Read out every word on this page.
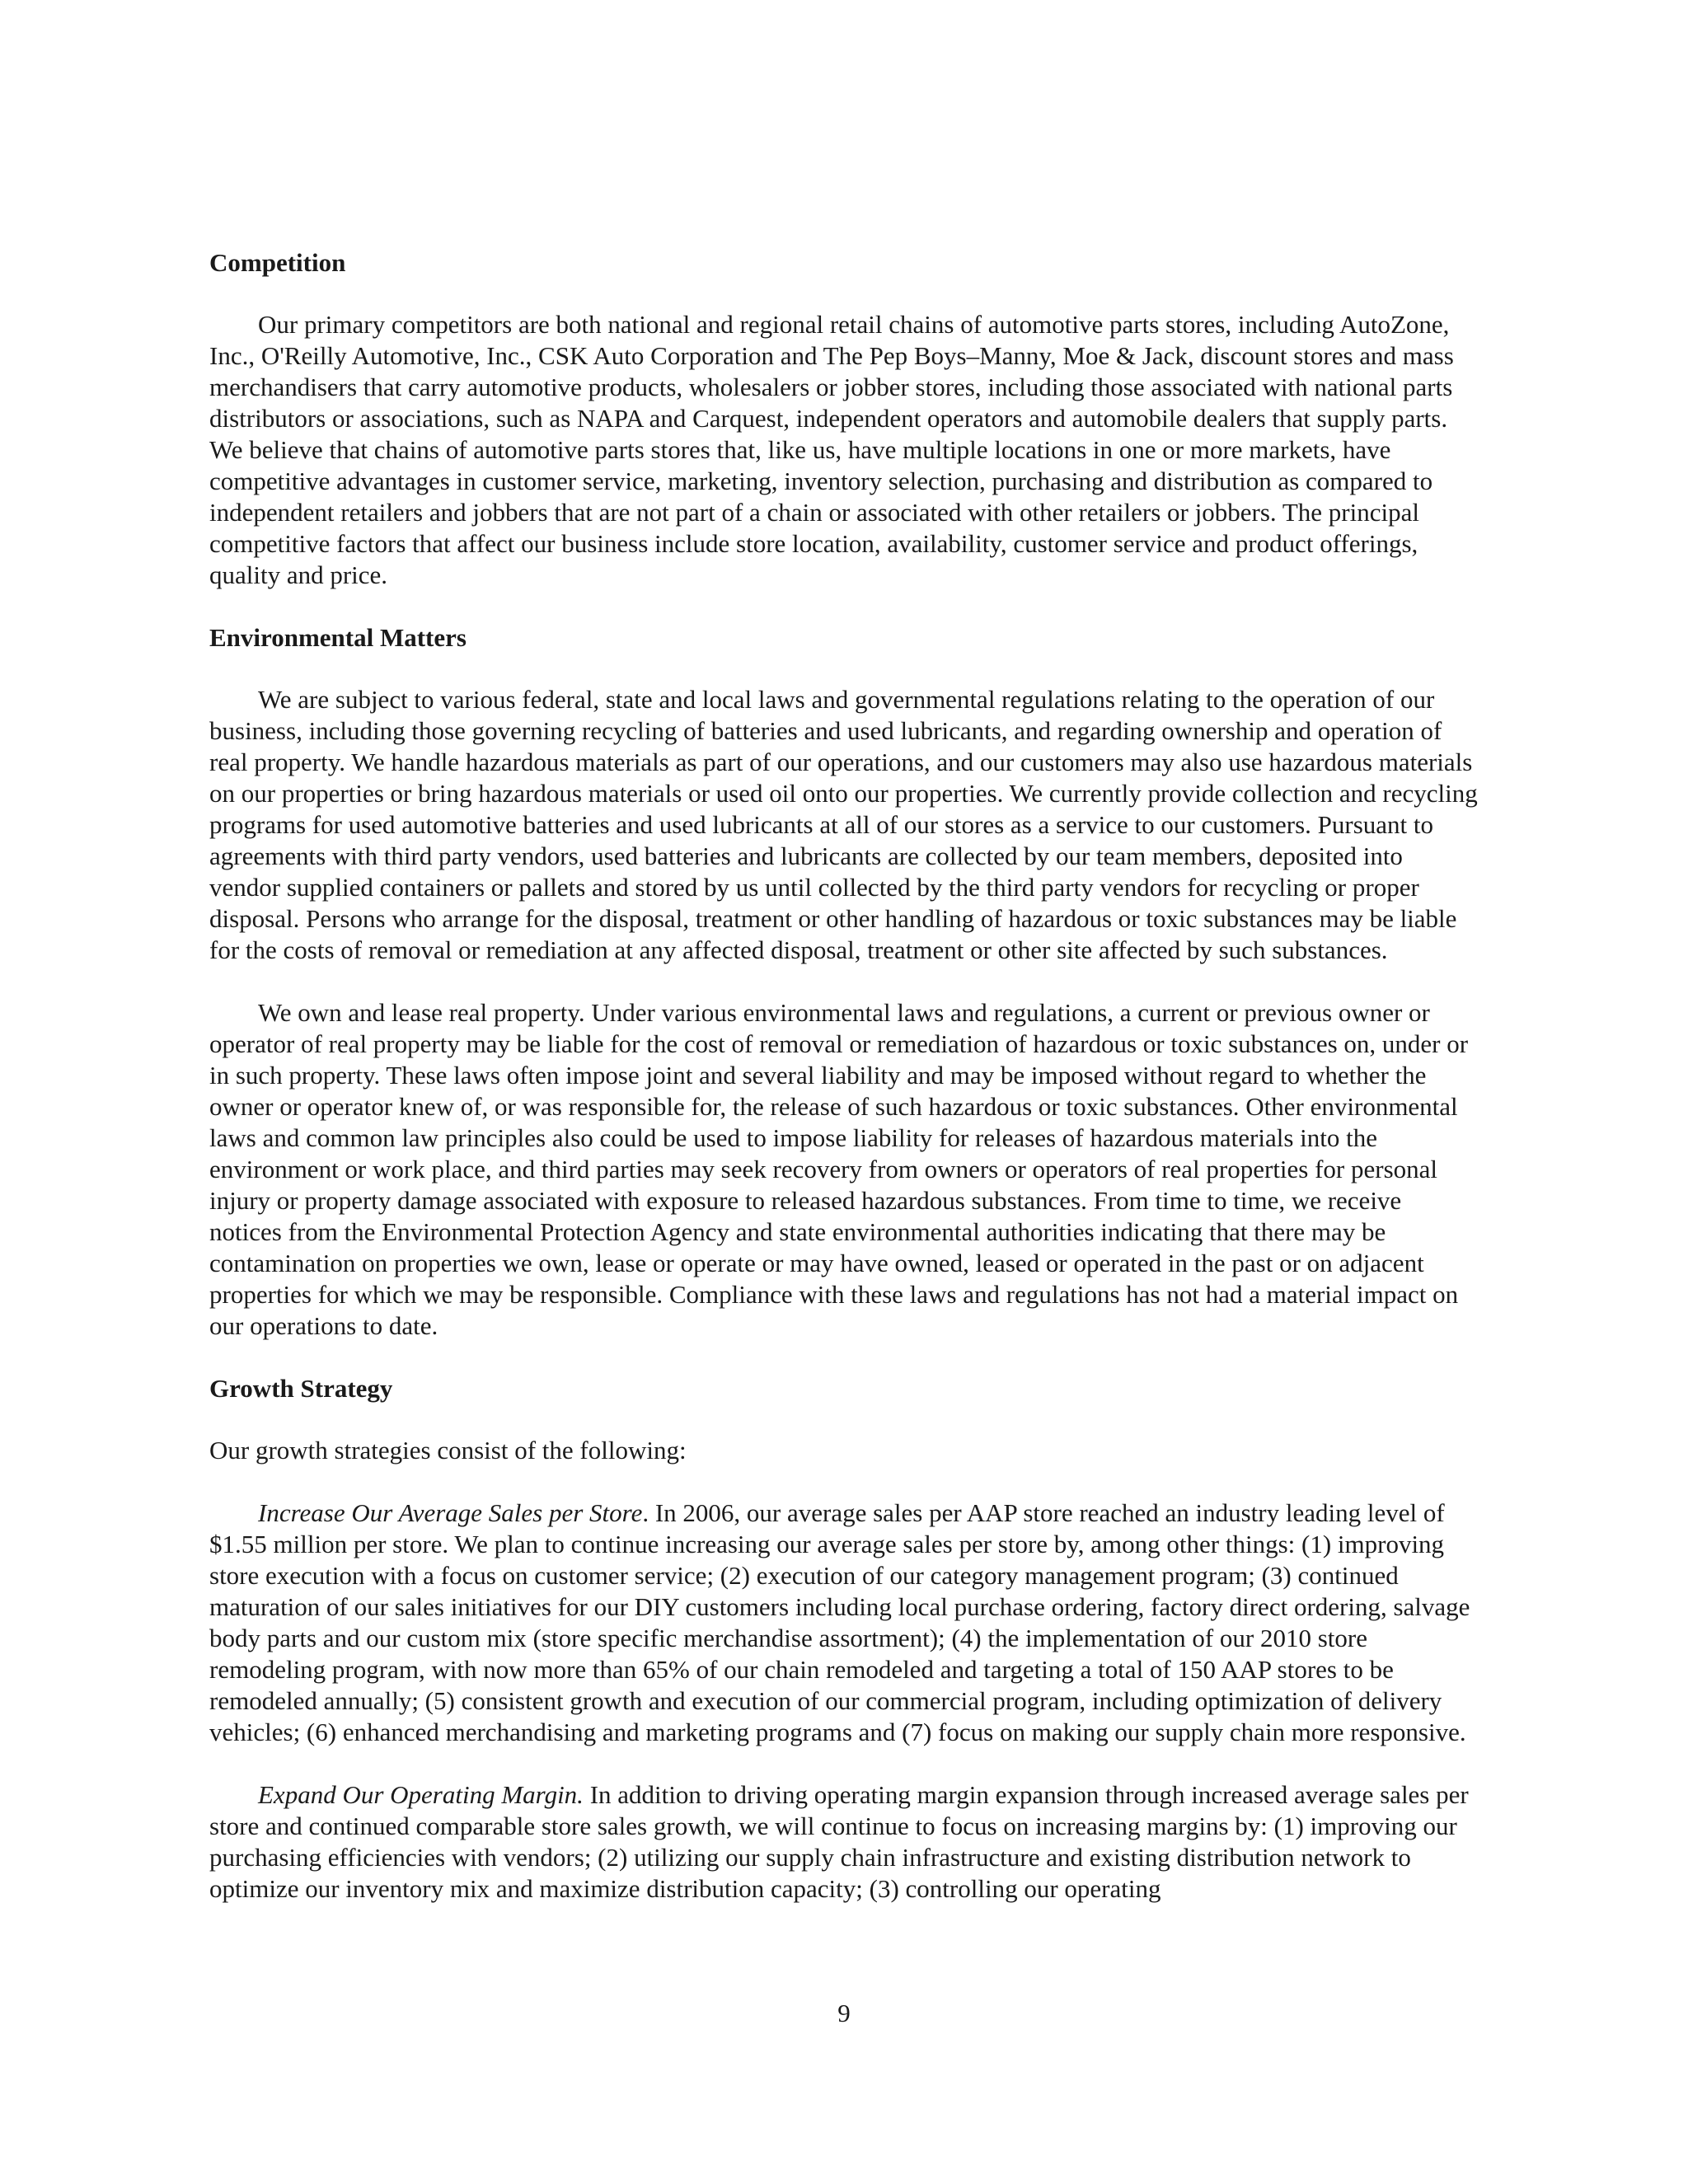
Competition

Our primary competitors are both national and regional retail chains of automotive parts stores, including AutoZone, Inc., O'Reilly Automotive, Inc., CSK Auto Corporation and The Pep Boys–Manny, Moe & Jack, discount stores and mass merchandisers that carry automotive products, wholesalers or jobber stores, including those associated with national parts distributors or associations, such as NAPA and Carquest, independent operators and automobile dealers that supply parts. We believe that chains of automotive parts stores that, like us, have multiple locations in one or more markets, have competitive advantages in customer service, marketing, inventory selection, purchasing and distribution as compared to independent retailers and jobbers that are not part of a chain or associated with other retailers or jobbers. The principal competitive factors that affect our business include store location, availability, customer service and product offerings, quality and price.

Environmental Matters

We are subject to various federal, state and local laws and governmental regulations relating to the operation of our business, including those governing recycling of batteries and used lubricants, and regarding ownership and operation of real property. We handle hazardous materials as part of our operations, and our customers may also use hazardous materials on our properties or bring hazardous materials or used oil onto our properties. We currently provide collection and recycling programs for used automotive batteries and used lubricants at all of our stores as a service to our customers. Pursuant to agreements with third party vendors, used batteries and lubricants are collected by our team members, deposited into vendor supplied containers or pallets and stored by us until collected by the third party vendors for recycling or proper disposal. Persons who arrange for the disposal, treatment or other handling of hazardous or toxic substances may be liable for the costs of removal or remediation at any affected disposal, treatment or other site affected by such substances.

We own and lease real property. Under various environmental laws and regulations, a current or previous owner or operator of real property may be liable for the cost of removal or remediation of hazardous or toxic substances on, under or in such property. These laws often impose joint and several liability and may be imposed without regard to whether the owner or operator knew of, or was responsible for, the release of such hazardous or toxic substances. Other environmental laws and common law principles also could be used to impose liability for releases of hazardous materials into the environment or work place, and third parties may seek recovery from owners or operators of real properties for personal injury or property damage associated with exposure to released hazardous substances. From time to time, we receive notices from the Environmental Protection Agency and state environmental authorities indicating that there may be contamination on properties we own, lease or operate or may have owned, leased or operated in the past or on adjacent properties for which we may be responsible. Compliance with these laws and regulations has not had a material impact on our operations to date.

Growth Strategy

Our growth strategies consist of the following:

Increase Our Average Sales per Store. In 2006, our average sales per AAP store reached an industry leading level of $1.55 million per store. We plan to continue increasing our average sales per store by, among other things: (1) improving store execution with a focus on customer service; (2) execution of our category management program; (3) continued maturation of our sales initiatives for our DIY customers including local purchase ordering, factory direct ordering, salvage body parts and our custom mix (store specific merchandise assortment); (4) the implementation of our 2010 store remodeling program, with now more than 65% of our chain remodeled and targeting a total of 150 AAP stores to be remodeled annually; (5) consistent growth and execution of our commercial program, including optimization of delivery vehicles; (6) enhanced merchandising and marketing programs and (7) focus on making our supply chain more responsive.

Expand Our Operating Margin. In addition to driving operating margin expansion through increased average sales per store and continued comparable store sales growth, we will continue to focus on increasing margins by: (1) improving our purchasing efficiencies with vendors; (2) utilizing our supply chain infrastructure and existing distribution network to optimize our inventory mix and maximize distribution capacity; (3) controlling our operating

9
